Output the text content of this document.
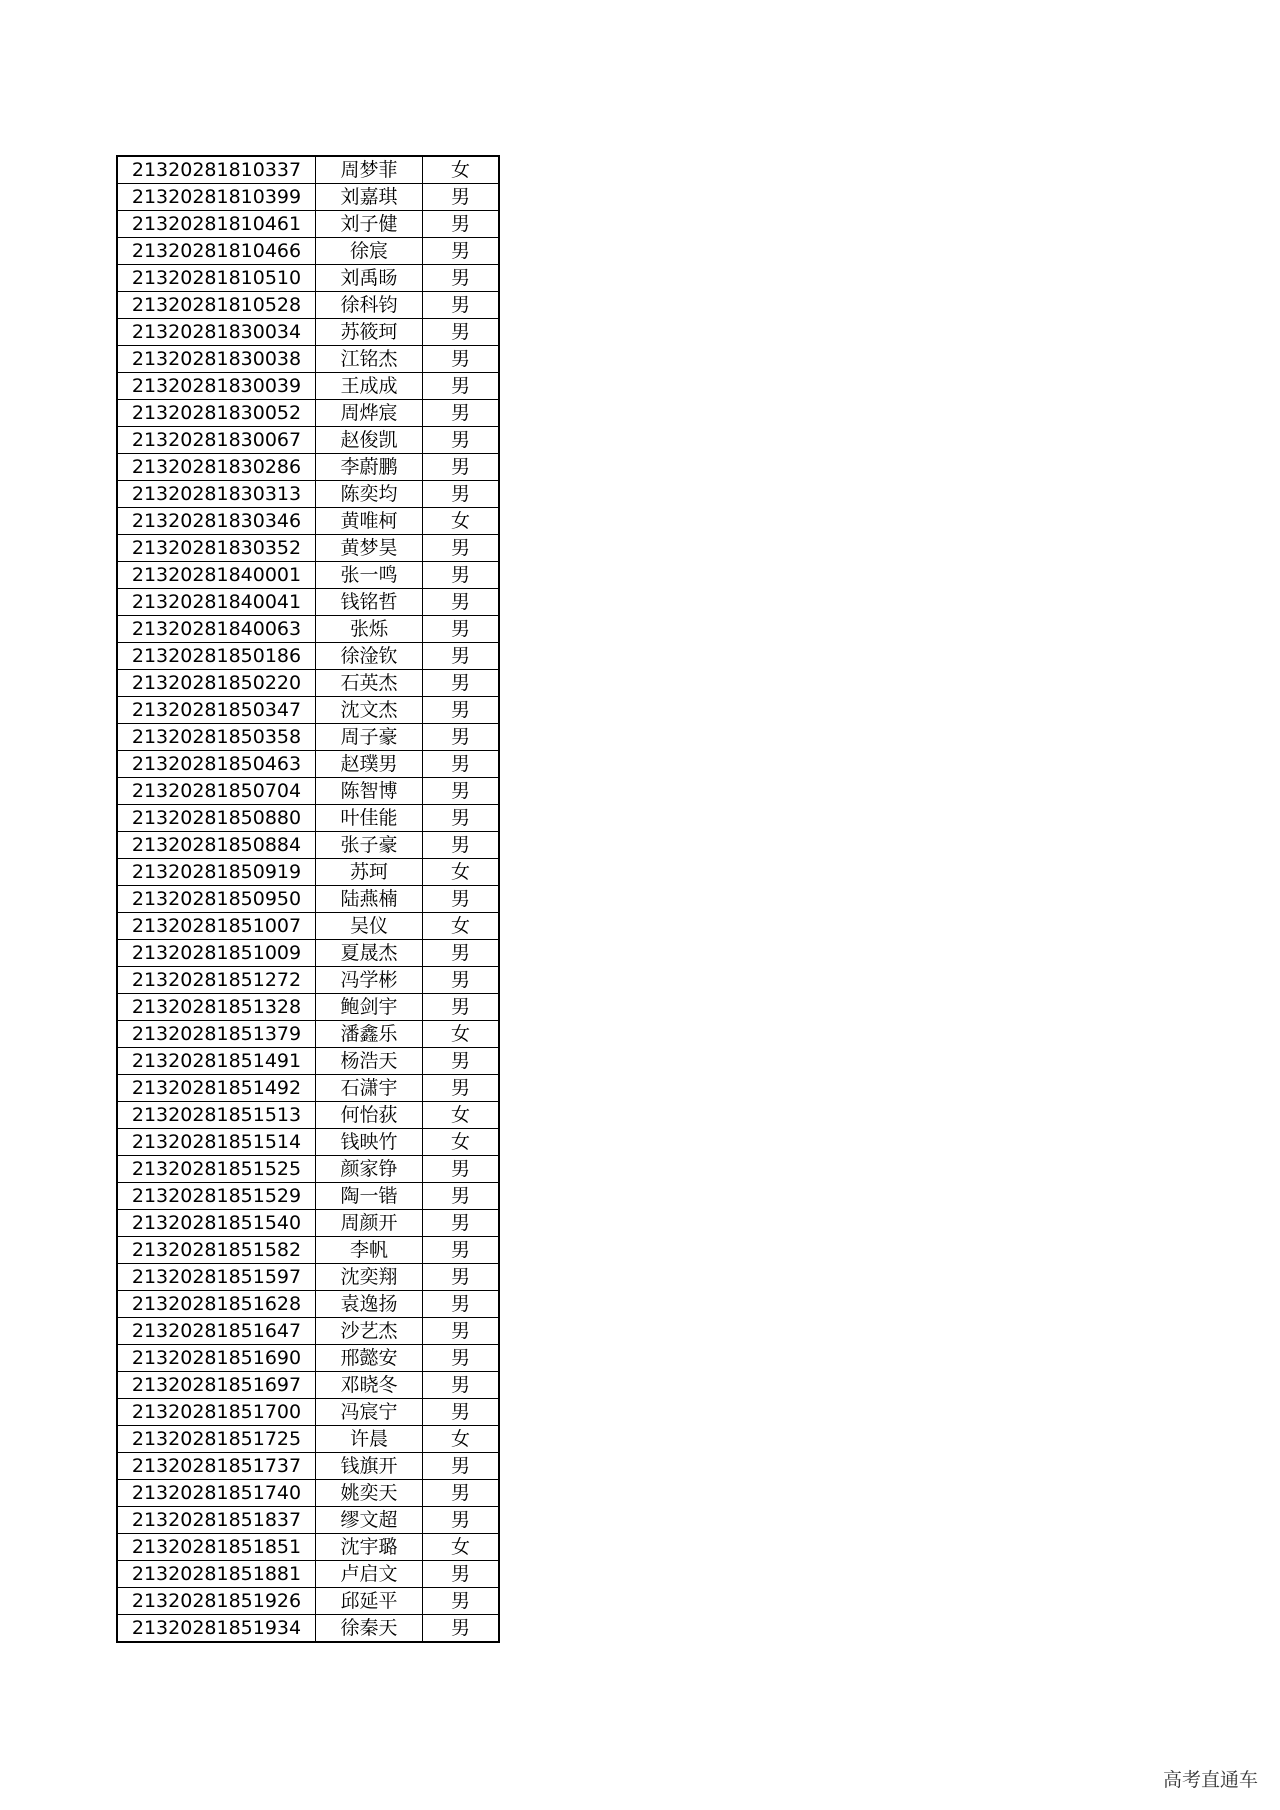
21320281810337	周梦菲	女
21320281810399	刘嘉琪	男
21320281810461	刘子健	男
21320281810466	徐宸	男
21320281810510	刘禹旸	男
21320281810528	徐科钧	男
21320281830034	苏筱珂	男
21320281830038	江铭杰	男
21320281830039	王成成	男
21320281830052	周烨宸	男
21320281830067	赵俊凯	男
21320281830286	李蔚鹏	男
21320281830313	陈奕均	男
21320281830346	黄唯柯	女
21320281830352	黄梦昊	男
21320281840001	张一鸣	男
21320281840041	钱铭哲	男
21320281840063	张烁	男
21320281850186	徐淦钦	男
21320281850220	石英杰	男
21320281850347	沈文杰	男
21320281850358	周子豪	男
21320281850463	赵璞男	男
21320281850704	陈智博	男
21320281850880	叶佳能	男
21320281850884	张子豪	男
21320281850919	苏珂	女
21320281850950	陆燕楠	男
21320281851007	吴仪	女
21320281851009	夏晟杰	男
21320281851272	冯学彬	男
21320281851328	鲍剑宇	男
21320281851379	潘鑫乐	女
21320281851491	杨浩天	男
21320281851492	石潇宇	男
21320281851513	何怡荻	女
21320281851514	钱映竹	女
21320281851525	颜家铮	男
21320281851529	陶一锴	男
21320281851540	周颜开	男
21320281851582	李帆	男
21320281851597	沈奕翔	男
21320281851628	袁逸扬	男
21320281851647	沙艺杰	男
21320281851690	邢懿安	男
21320281851697	邓晓冬	男
21320281851700	冯宸宁	男
21320281851725	许晨	女
21320281851737	钱旗开	男
21320281851740	姚奕天	男
21320281851837	缪文超	男
21320281851851	沈宇璐	女
21320281851881	卢启文	男
21320281851926	邱延平	男
21320281851934	徐秦天	男
高考直通车
